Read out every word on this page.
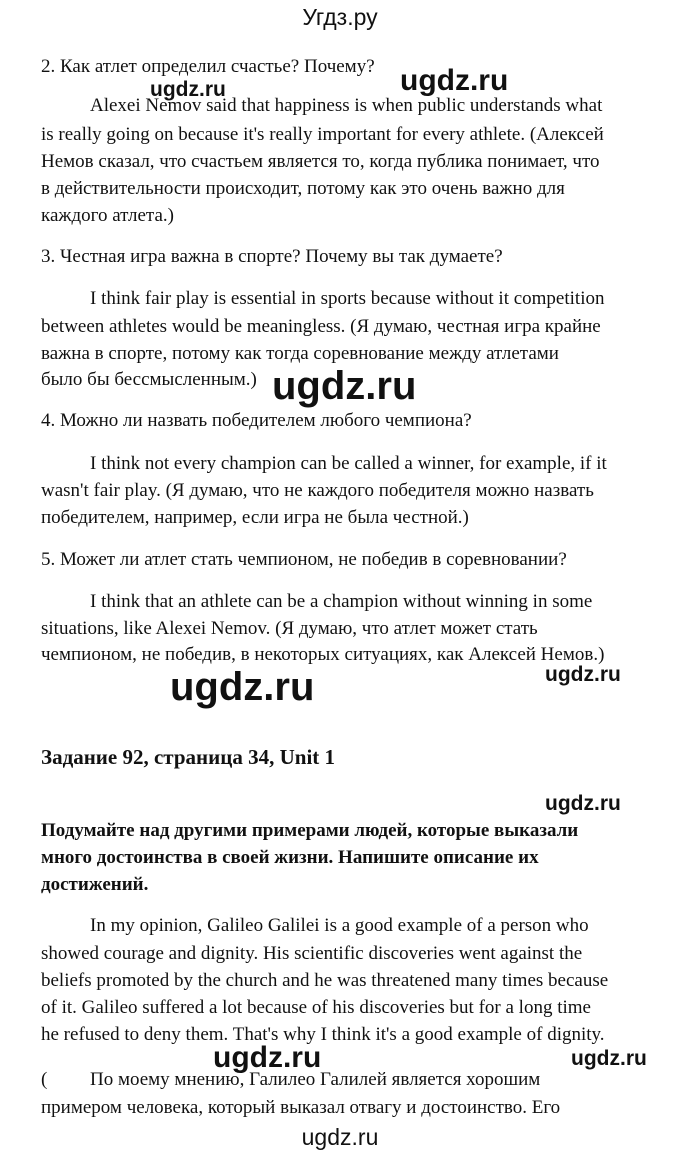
Угдз.ру
ugdz.ru
2. Как атлет определил счастье? Почему?
Alexei Nemov said that happiness is when public understands what
is really going on because it's really important for every athlete. (Алексей
Немов сказал, что счастьем является то, когда публика понимает, что
в действительности происходит, потому как это очень важно для
каждого атлета.)
3. Честная игра важна в спорте? Почему вы так думаете?
I think fair play is essential in sports because without it competition
between athletes would be meaningless. (Я думаю, честная игра крайне
важна в спорте, потому как тогда соревнование между атлетами
было бы бессмысленным.)
4. Можно ли назвать победителем любого чемпиона?
I think not every champion can be called a winner, for example, if it
wasn't fair play. (Я думаю, что не каждого победителя можно назвать
победителем, например, если игра не была честной.)
5. Может ли атлет стать чемпионом, не победив в соревновании?
I think that an athlete can be a champion without winning in some
situations, like Alexei Nemov. (Я думаю, что атлет может стать
чемпионом, не победив, в некоторых ситуациях, как Алексей Немов.)
Задание 92, страница 34, Unit 1
Подумайте над другими примерами людей, которые выказали
много достоинства в своей жизни. Напишите описание их
достижений.
In my opinion, Galileo Galilei is a good example of a person who
showed courage and dignity. His scientific discoveries went against the
beliefs promoted by the church and he was threatened many times because
of it. Galileo suffered a lot because of his discoveries but for a long time
he refused to deny them. That's why I think it's a good example of dignity.
( По моему мнению, Галилео Галилей является хорошим
примером человека, который выказал отвагу и достоинство. Его
ugdz.ru	ugdz.ru
ugdz.ru
ugdz.ru	ugdz.ru
ugdz.ru
ugdz.ru	ugdz.ru
